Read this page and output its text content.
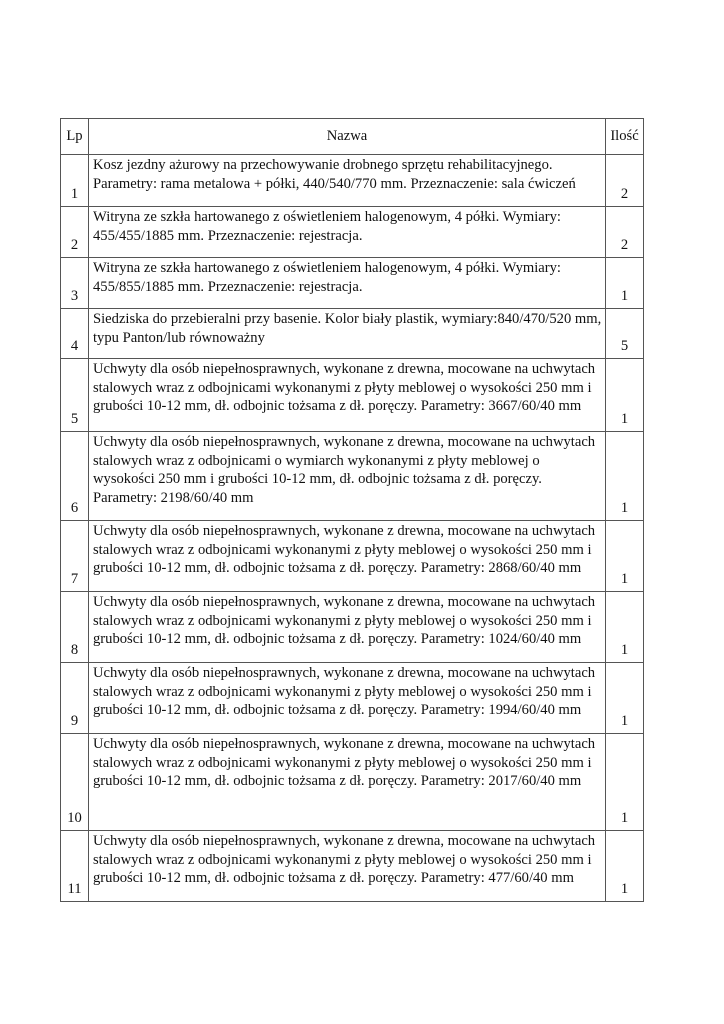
Lp	Nazwa	Ilość
1	Kosz jezdny ażurowy na przechowywanie drobnego sprzętu rehabilitacyjnego. Parametry: rama metalowa + półki, 440/540/770 mm. Przeznaczenie: sala ćwiczeń	2
2	Witryna ze szkła hartowanego z oświetleniem halogenowym, 4 półki. Wymiary: 455/455/1885 mm. Przeznaczenie: rejestracja.	2
3	Witryna ze szkła hartowanego z oświetleniem halogenowym, 4 półki. Wymiary: 455/855/1885 mm. Przeznaczenie: rejestracja.	1
4	Siedziska do przebieralni przy basenie. Kolor biały plastik, wymiary:840/470/520 mm, typu Panton/lub równoważny	5
5	Uchwyty dla osób niepełnosprawnych, wykonane z drewna, mocowane na uchwytach stalowych wraz z odbojnicami wykonanymi z płyty meblowej o wysokości 250 mm i grubości 10-12 mm, dł. odbojnic tożsama z dł. poręczy. Parametry: 3667/60/40 mm	1
6	Uchwyty dla osób niepełnosprawnych, wykonane z drewna, mocowane na uchwytach stalowych wraz z odbojnicami o wymiarch wykonanymi z płyty meblowej o wysokości 250 mm i grubości 10-12 mm, dł. odbojnic tożsama z dł. poręczy. Parametry: 2198/60/40 mm	1
7	Uchwyty dla osób niepełnosprawnych, wykonane z drewna, mocowane na uchwytach stalowych wraz z odbojnicami wykonanymi z płyty meblowej o wysokości 250 mm i grubości 10-12 mm, dł. odbojnic tożsama z dł. poręczy. Parametry: 2868/60/40 mm	1
8	Uchwyty dla osób niepełnosprawnych, wykonane z drewna, mocowane na uchwytach stalowych wraz z odbojnicami wykonanymi z płyty meblowej o wysokości 250 mm i grubości 10-12 mm, dł. odbojnic tożsama z dł. poręczy. Parametry: 1024/60/40 mm	1
9	Uchwyty dla osób niepełnosprawnych, wykonane z drewna, mocowane na uchwytach stalowych wraz z odbojnicami wykonanymi z płyty meblowej o wysokości 250 mm i grubości 10-12 mm, dł. odbojnic tożsama z dł. poręczy. Parametry: 1994/60/40 mm	1
10	Uchwyty dla osób niepełnosprawnych, wykonane z drewna, mocowane na uchwytach stalowych wraz z odbojnicami wykonanymi z płyty meblowej o wysokości 250 mm i grubości 10-12 mm, dł. odbojnic tożsama z dł. poręczy. Parametry: 2017/60/40 mm	1
11	Uchwyty dla osób niepełnosprawnych, wykonane z drewna, mocowane na uchwytach stalowych wraz z odbojnicami wykonanymi z płyty meblowej o wysokości 250 mm i grubości 10-12 mm, dł. odbojnic tożsama z dł. poręczy. Parametry: 477/60/40 mm	1
